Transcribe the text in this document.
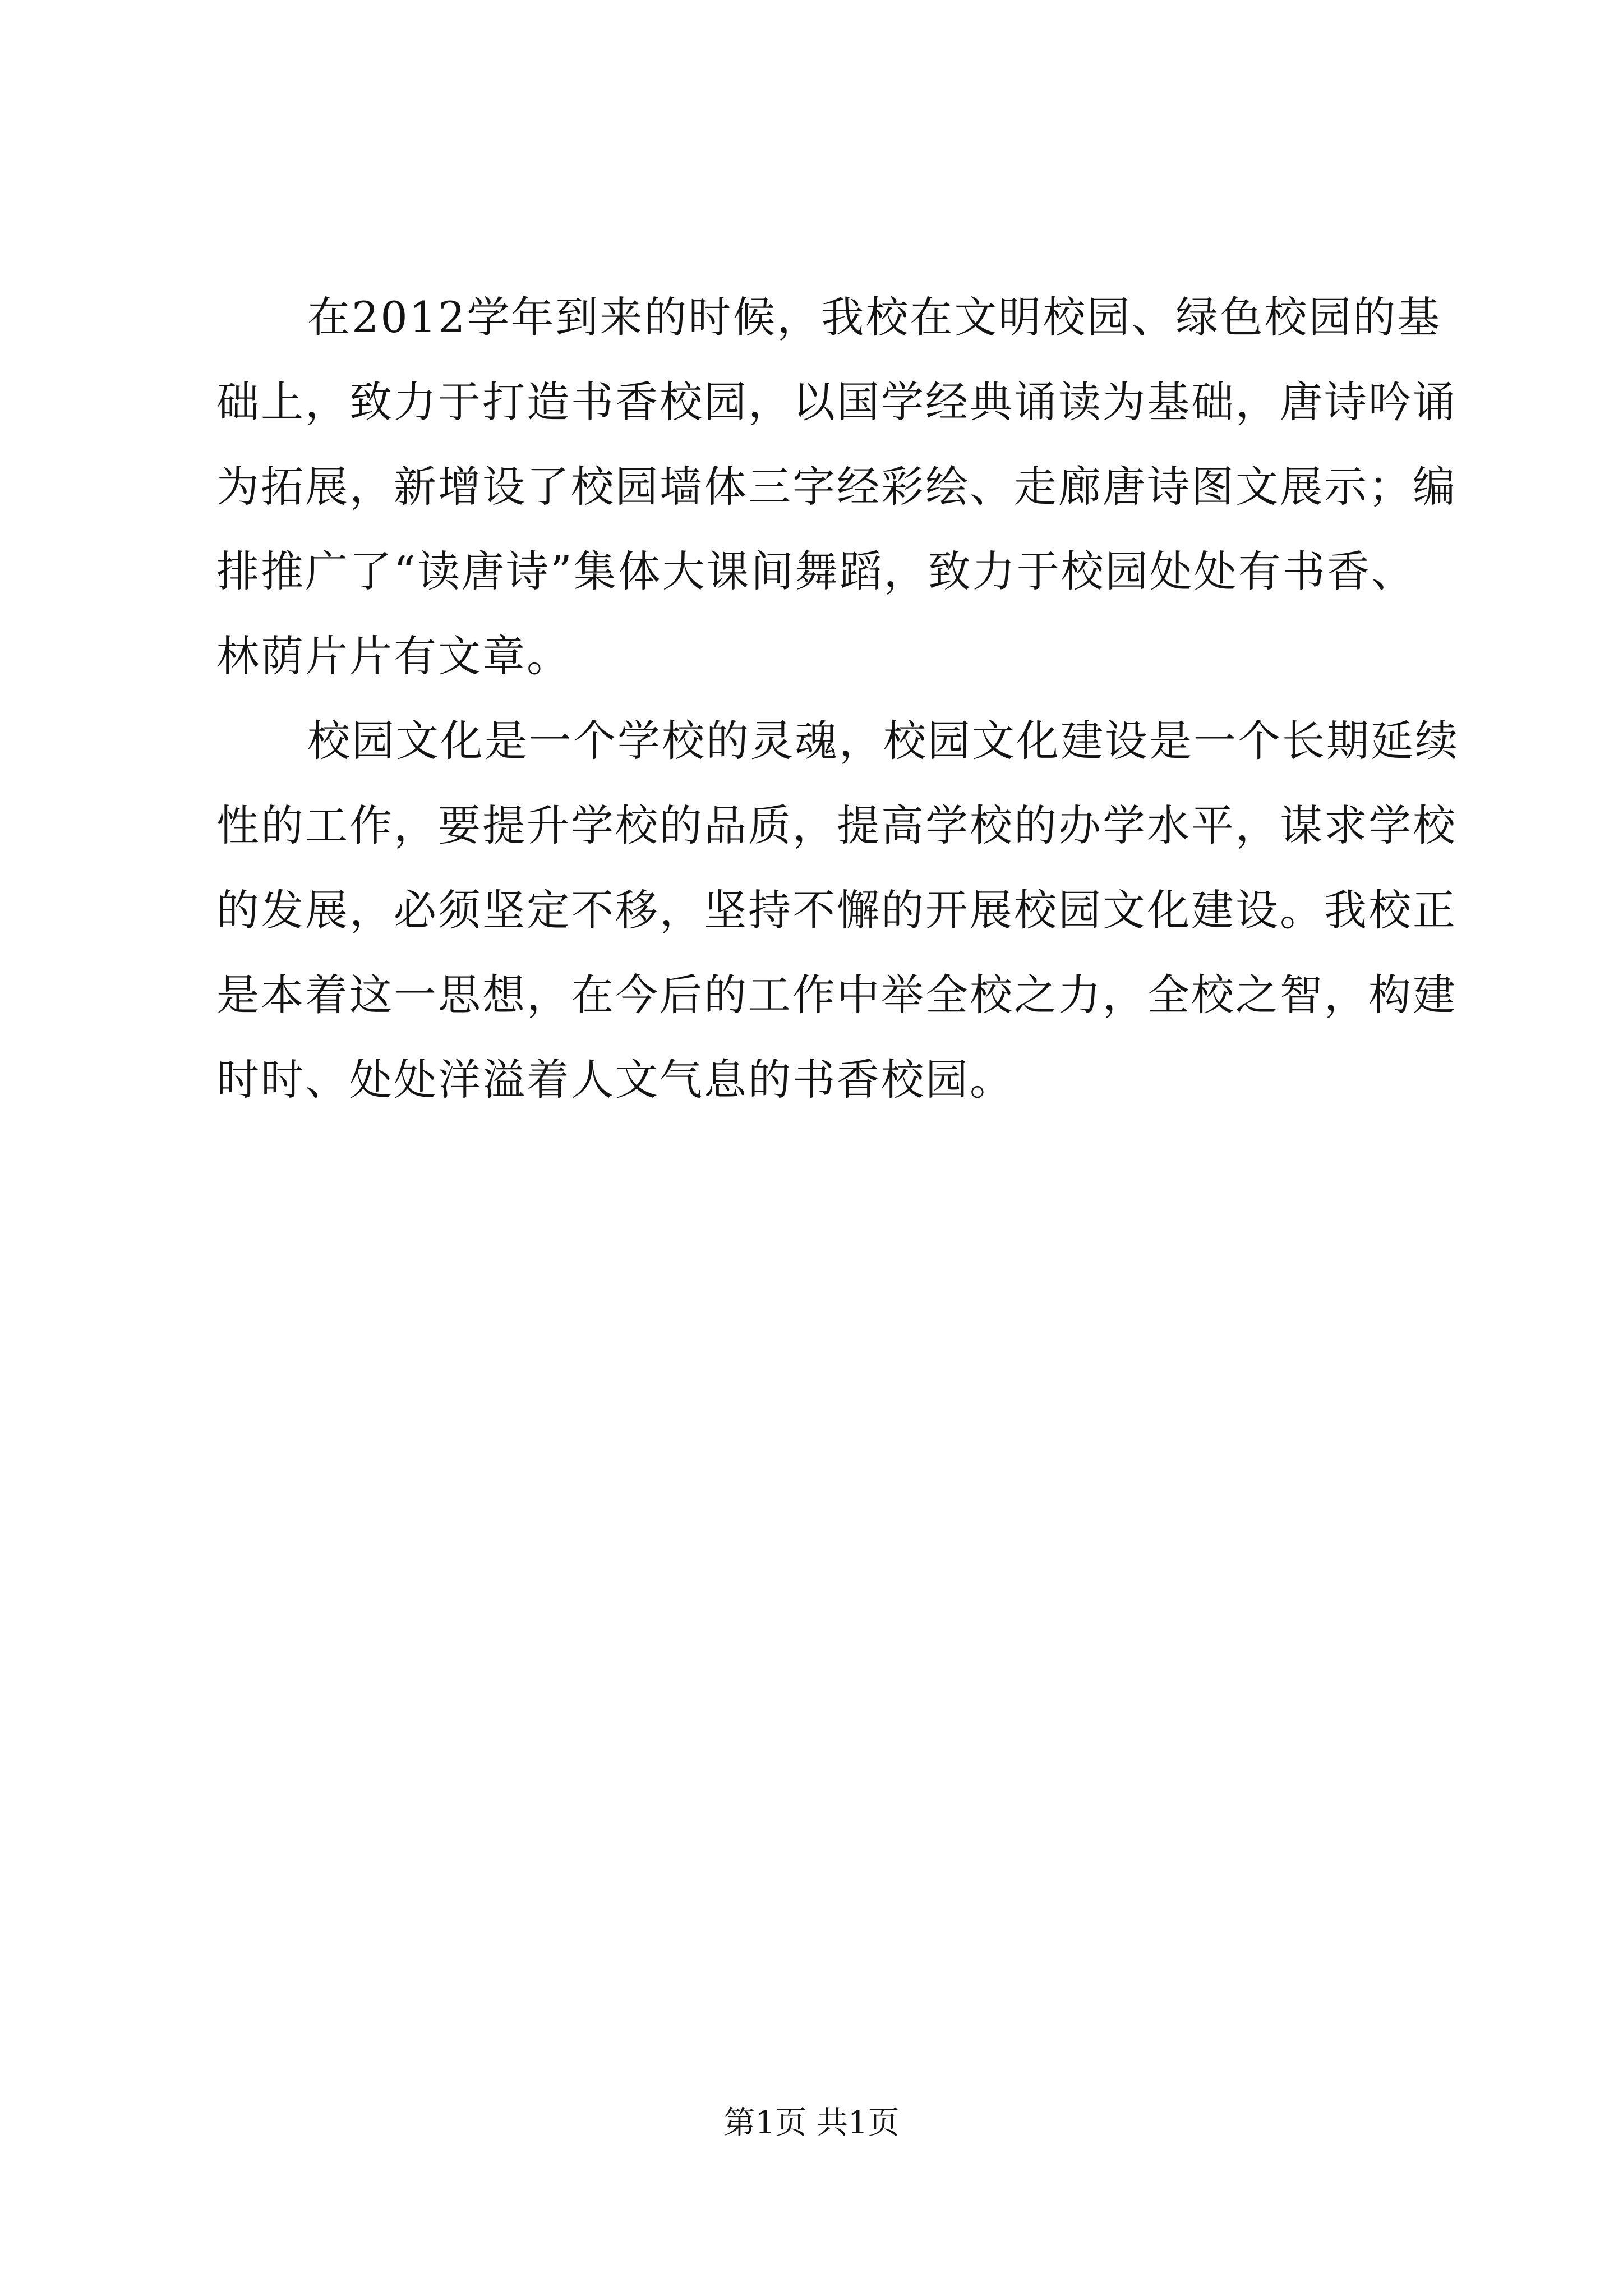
在2012学年到来的时候，我校在文明校园、绿色校园的基
础上，致力于打造书香校园，以国学经典诵读为基础，唐诗吟诵
为拓展，新增设了校园墙体三字经彩绘、走廊唐诗图文展示；编
排推广了“读唐诗”集体大课间舞蹈，致力于校园处处有书香、
林荫片片有文章。
校园文化是一个学校的灵魂，校园文化建设是一个长期延续
性的工作，要提升学校的品质，提高学校的办学水平，谋求学校
的发展，必须坚定不移，坚持不懈的开展校园文化建设。我校正
是本着这一思想，在今后的工作中举全校之力，全校之智，构建
时时、处处洋溢着人文气息的书香校园。
第1页 共1页
